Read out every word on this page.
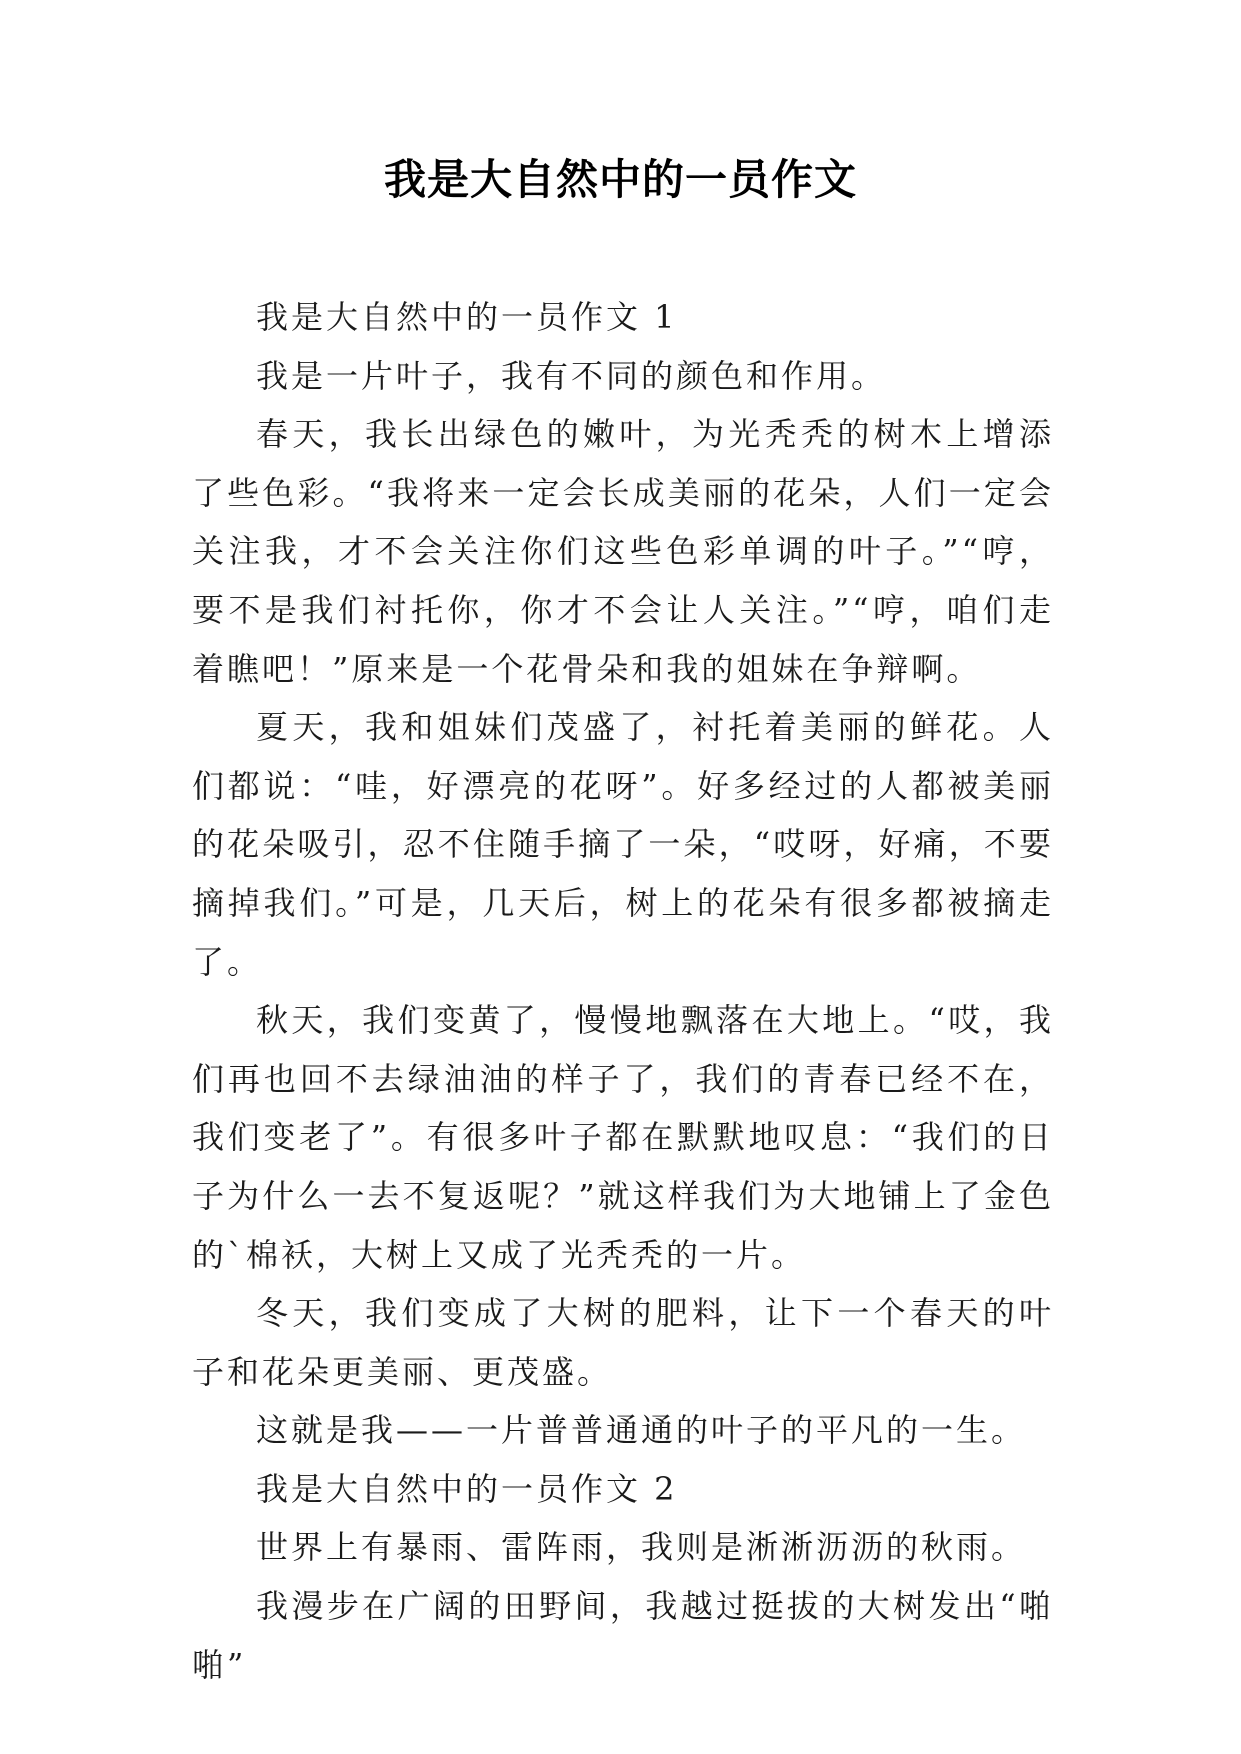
我是大自然中的一员作文

我是大自然中的一员作文 1

我是一片叶子，我有不同的颜色和作用。

春天，我长出绿色的嫩叶，为光秃秃的树木上增添了些色彩。“我将来一定会长成美丽的花朵，人们一定会关注我，才不会关注你们这些色彩单调的叶子。”“哼，要不是我们衬托你，你才不会让人关注。”“哼，咱们走着瞧吧！”原来是一个花骨朵和我的姐妹在争辩啊。

夏天，我和姐妹们茂盛了，衬托着美丽的鲜花。人们都说：“哇，好漂亮的花呀”。好多经过的人都被美丽的花朵吸引，忍不住随手摘了一朵，“哎呀，好痛，不要摘掉我们。”可是，几天后，树上的花朵有很多都被摘走了。

秋天，我们变黄了，慢慢地飘落在大地上。“哎，我们再也回不去绿油油的样子了，我们的青春已经不在，我们变老了”。有很多叶子都在默默地叹息：“我们的日子为什么一去不复返呢？”就这样我们为大地铺上了金色的`棉袄，大树上又成了光秃秃的一片。

冬天，我们变成了大树的肥料，让下一个春天的叶子和花朵更美丽、更茂盛。

这就是我——一片普普通通的叶子的平凡的一生。

我是大自然中的一员作文 2

世界上有暴雨、雷阵雨，我则是淅淅沥沥的秋雨。

我漫步在广阔的田野间，我越过挺拔的大树发出“啪啪”
